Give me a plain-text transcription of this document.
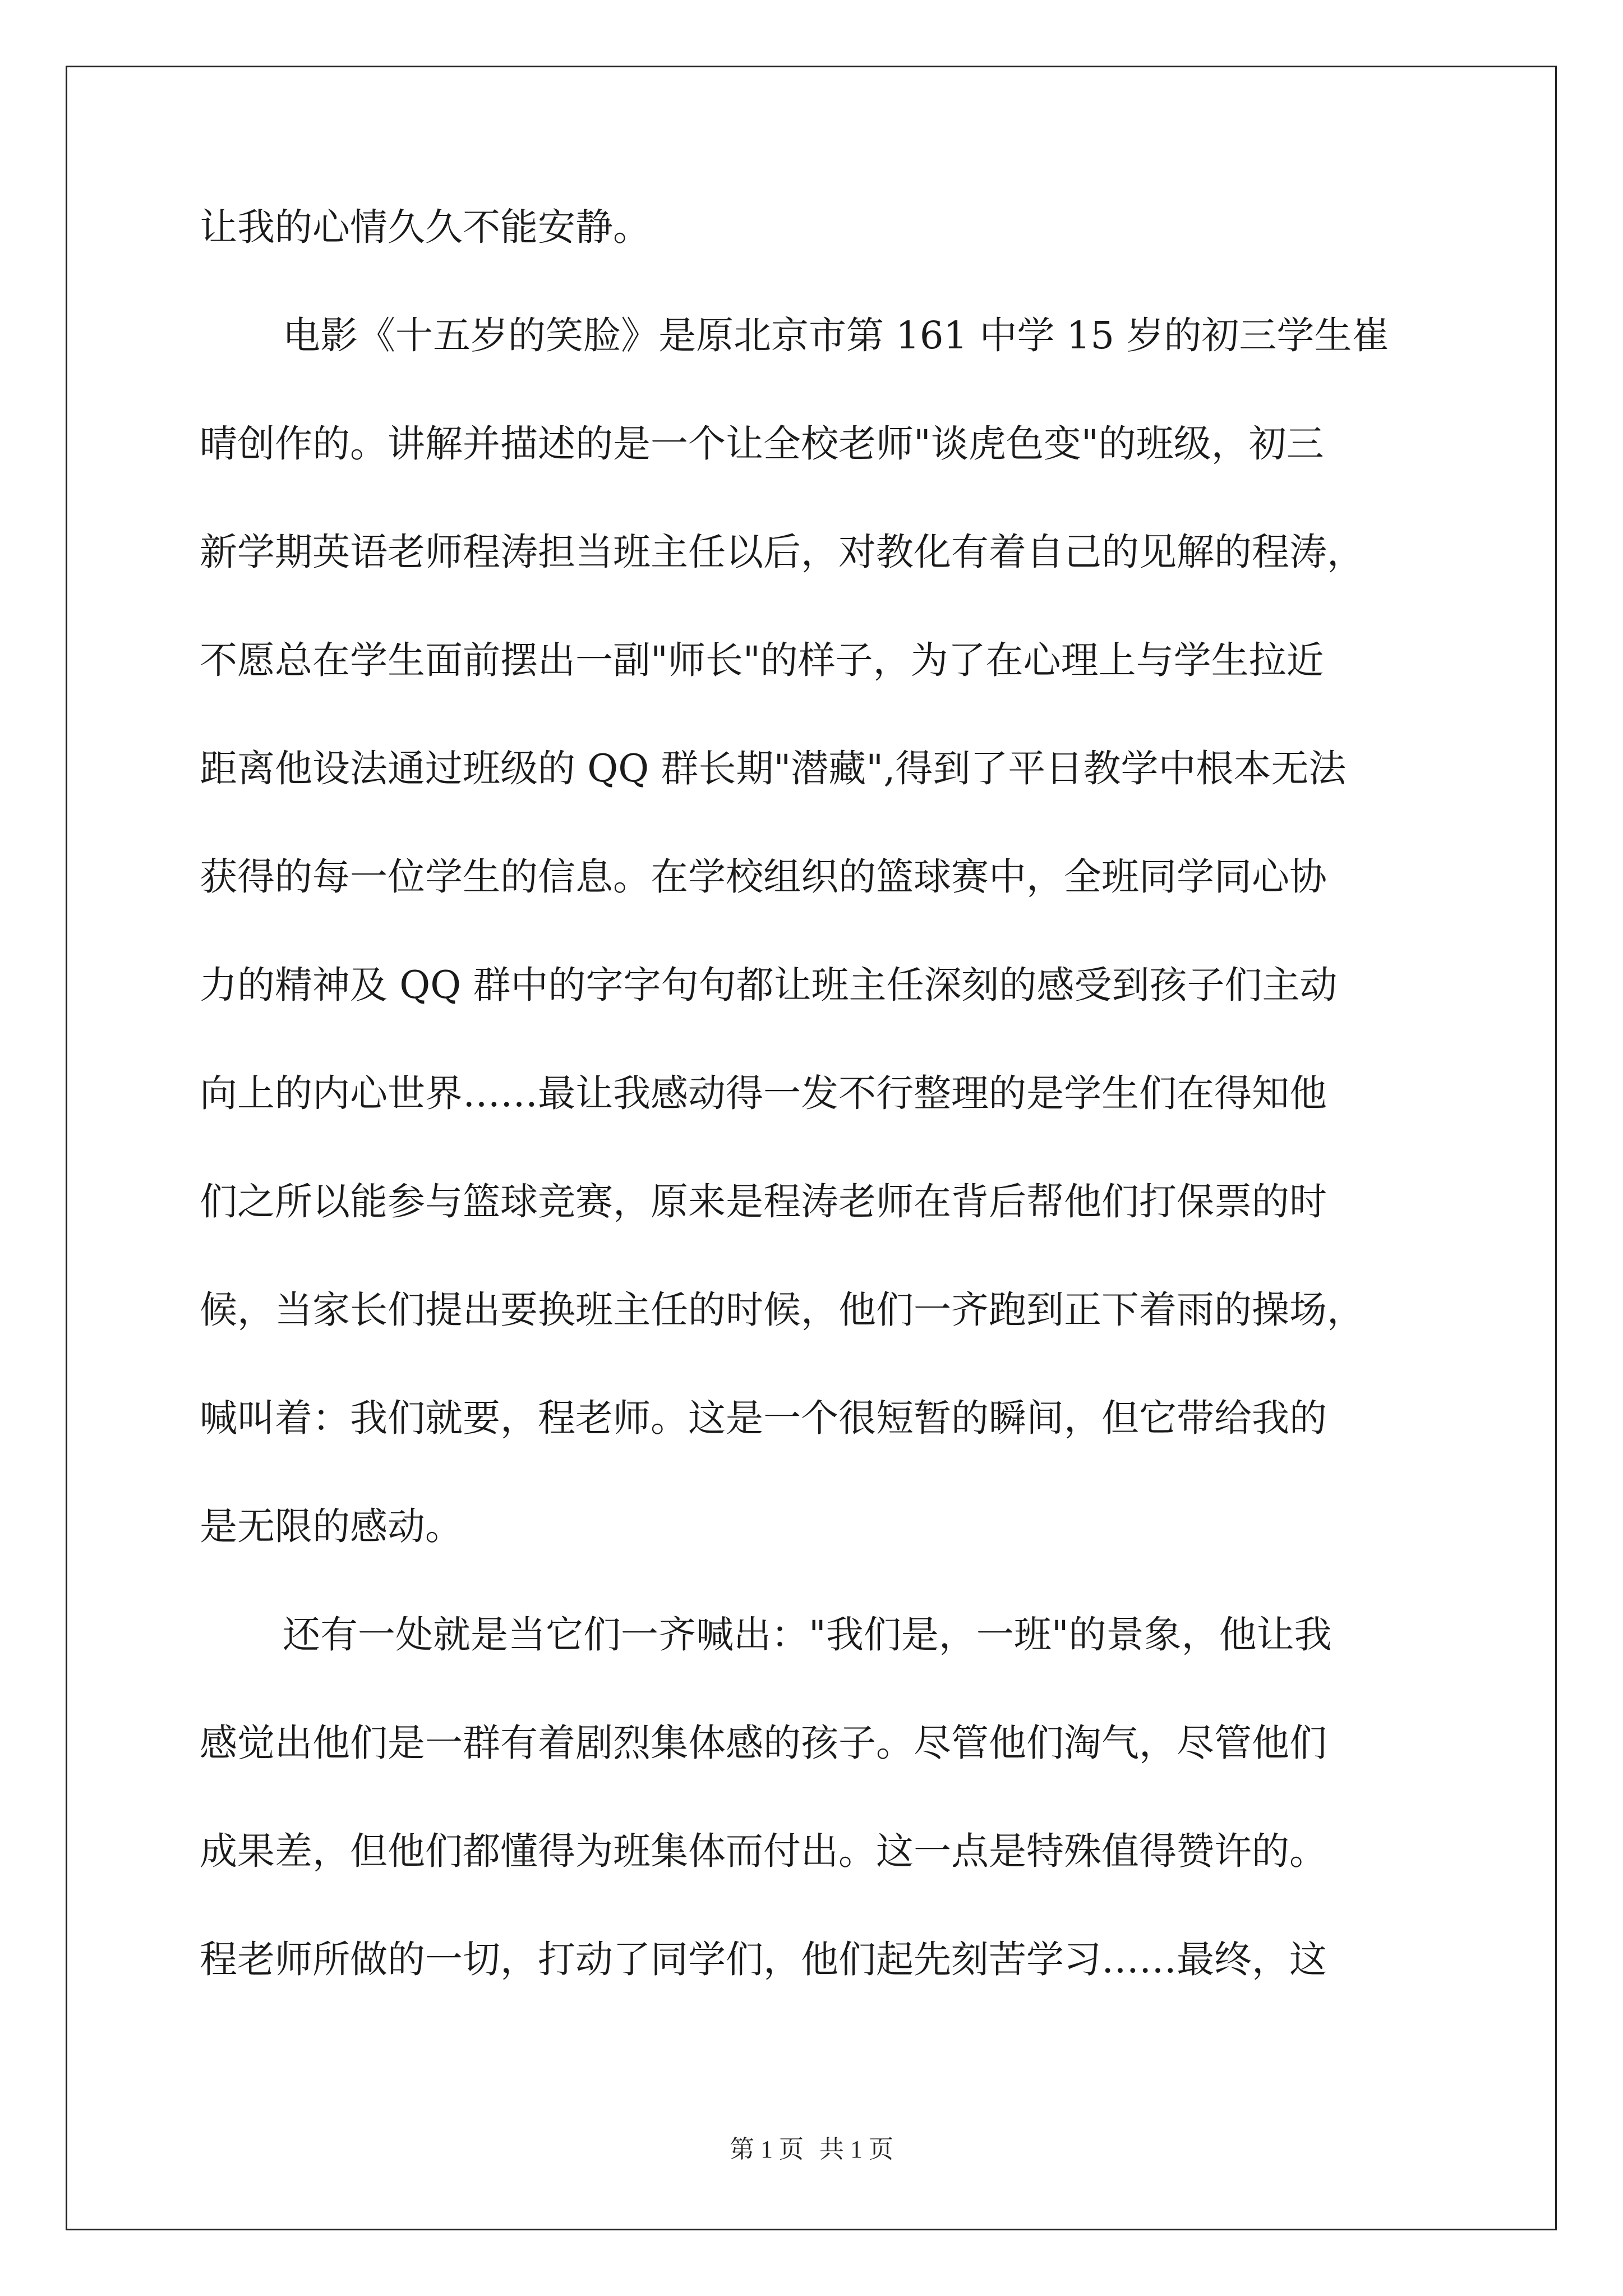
让我的心情久久不能安静。
电影《十五岁的笑脸》是原北京市第 161 中学 15 岁的初三学生崔
晴创作的。讲解并描述的是一个让全校老师"谈虎色变"的班级，初三
新学期英语老师程涛担当班主任以后，对教化有着自己的见解的程涛，
不愿总在学生面前摆出一副"师长"的样子，为了在心理上与学生拉近
距离他设法通过班级的 QQ 群长期"潜藏",得到了平日教学中根本无法
获得的每一位学生的信息。在学校组织的篮球赛中，全班同学同心协
力的精神及 QQ 群中的字字句句都让班主任深刻的感受到孩子们主动
向上的内心世界……最让我感动得一发不行整理的是学生们在得知他
们之所以能参与篮球竞赛，原来是程涛老师在背后帮他们打保票的时
候，当家长们提出要换班主任的时候，他们一齐跑到正下着雨的操场，
喊叫着：我们就要，程老师。这是一个很短暂的瞬间，但它带给我的
是无限的感动。
还有一处就是当它们一齐喊出："我们是，一班"的景象，他让我
感觉出他们是一群有着剧烈集体感的孩子。尽管他们淘气，尽管他们
成果差，但他们都懂得为班集体而付出。这一点是特殊值得赞许的。
程老师所做的一切，打动了同学们，他们起先刻苦学习……最终，这
第 1 页 共 1 页
